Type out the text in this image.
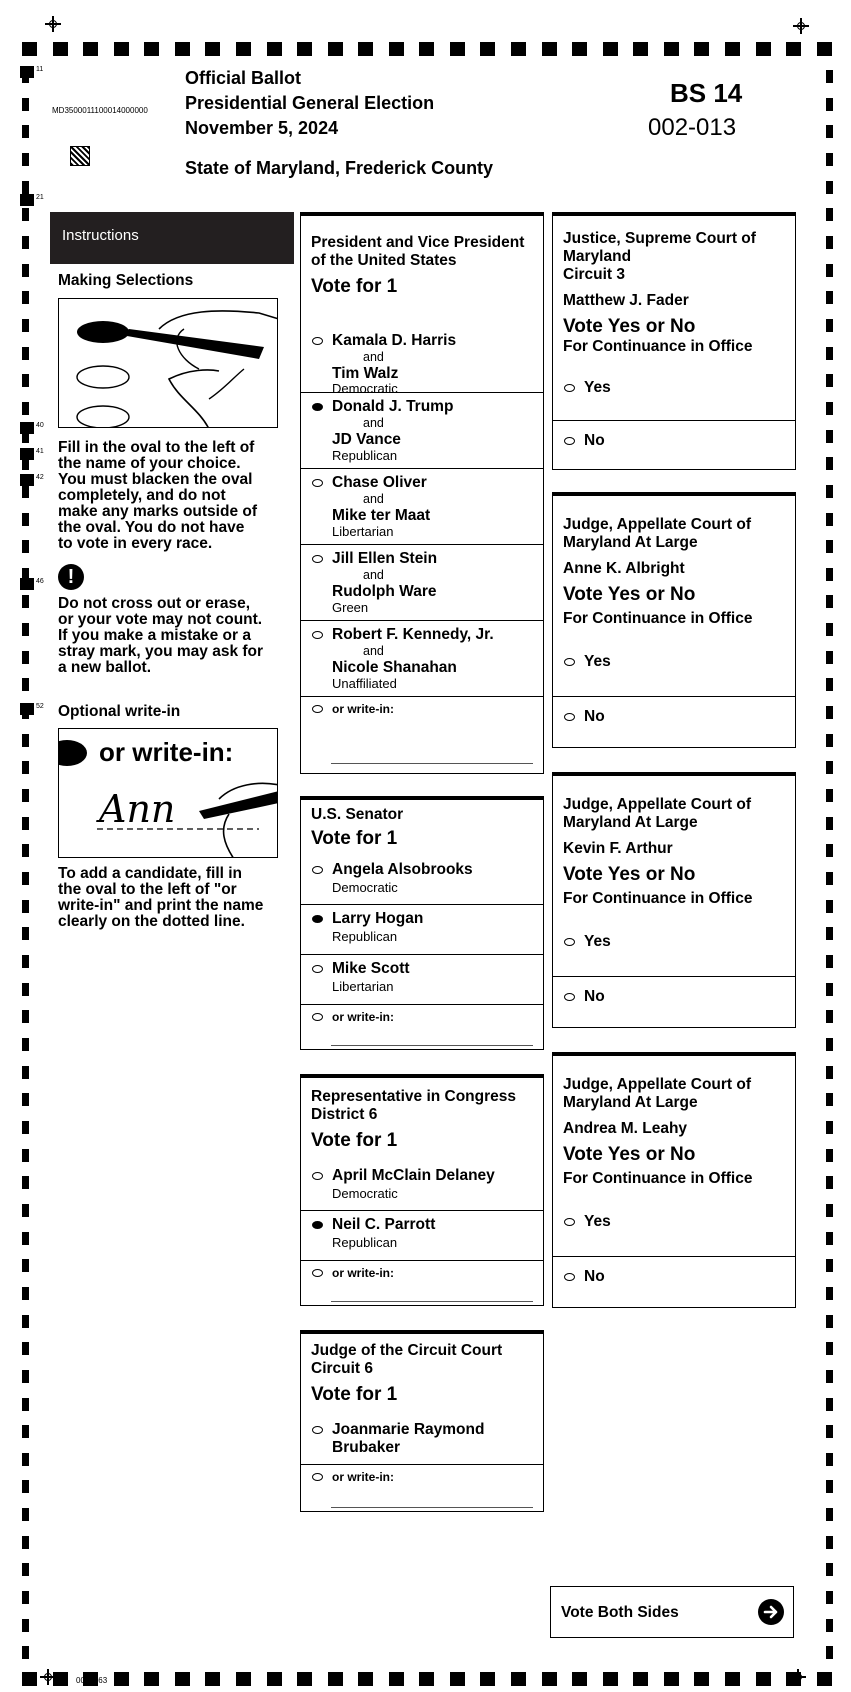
11
21
40
41
42
46
52
MD3500011100014000000
Official Ballot
Presidential General Election
November 5, 2024
State of Maryland, Frederick County
BS 14
002-013
Instructions
Making Selections
Fill in the oval to the left of
the name of your choice.
You must blacken the oval
completely, and do not
make any marks outside of
the oval. You do not have
to vote in every race.
!
Do not cross out or erase,
or your vote may not count.
If you make a mistake or a
stray mark, you may ask for
a new ballot.
Optional write-in
or write-in:
Ann
To add a candidate, fill in
the oval to the left of "or
write-in" and print the name
clearly on the dotted line.
President and Vice President
of the United States
Vote for 1
Kamala D. Harris
and
Tim Walz
Democratic
Donald J. Trump
and
JD Vance
Republican
Chase Oliver
and
Mike ter Maat
Libertarian
Jill Ellen Stein
and
Rudolph Ware
Green
Robert F. Kennedy, Jr.
and
Nicole Shanahan
Unaffiliated
or write-in:
U.S. Senator
Vote for 1
Angela Alsobrooks
Democratic
Larry Hogan
Republican
Mike Scott
Libertarian
or write-in:
Representative in Congress
District 6
Vote for 1
April McClain Delaney
Democratic
Neil C. Parrott
Republican
or write-in:
Judge of the Circuit Court
Circuit 6
Vote for 1
Joanmarie Raymond
Brubaker
or write-in:
Justice, Supreme Court of
Maryland
Circuit 3
Matthew J. Fader
Vote Yes or No
For Continuance in Office
Yes
No
Judge, Appellate Court of
Maryland At Large
Anne K. Albright
Vote Yes or No
For Continuance in Office
Yes
No
Judge, Appellate Court of
Maryland At Large
Kevin F. Arthur
Vote Yes or No
For Continuance in Office
Yes
No
Judge, Appellate Court of
Maryland At Large
Andrea M. Leahy
Vote Yes or No
For Continuance in Office
Yes
No
Vote Both Sides
0010763
